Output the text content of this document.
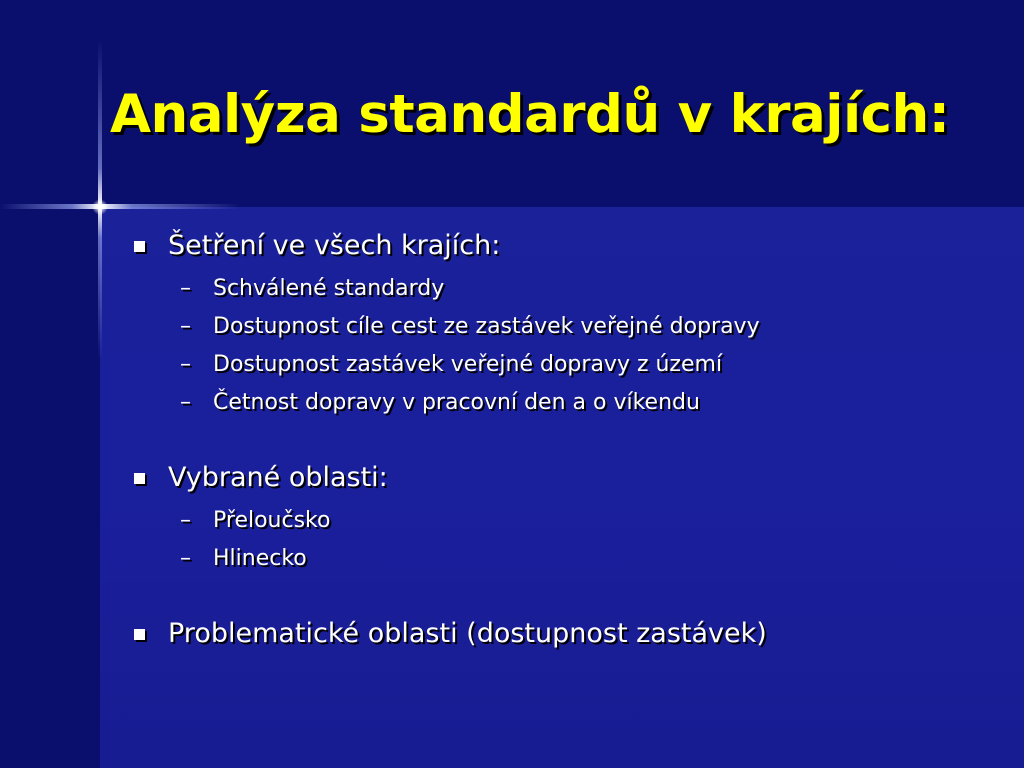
Analýza standardů v krajích:
Šetření ve všech krajích:
– Schválené standardy
– Dostupnost cíle cest ze zastávek veřejné dopravy
– Dostupnost zastávek veřejné dopravy z území
– Četnost dopravy v pracovní den a o víkendu
Vybrané oblasti:
– Přeloučsko
– Hlinecko
Problematické oblasti (dostupnost zastávek)
